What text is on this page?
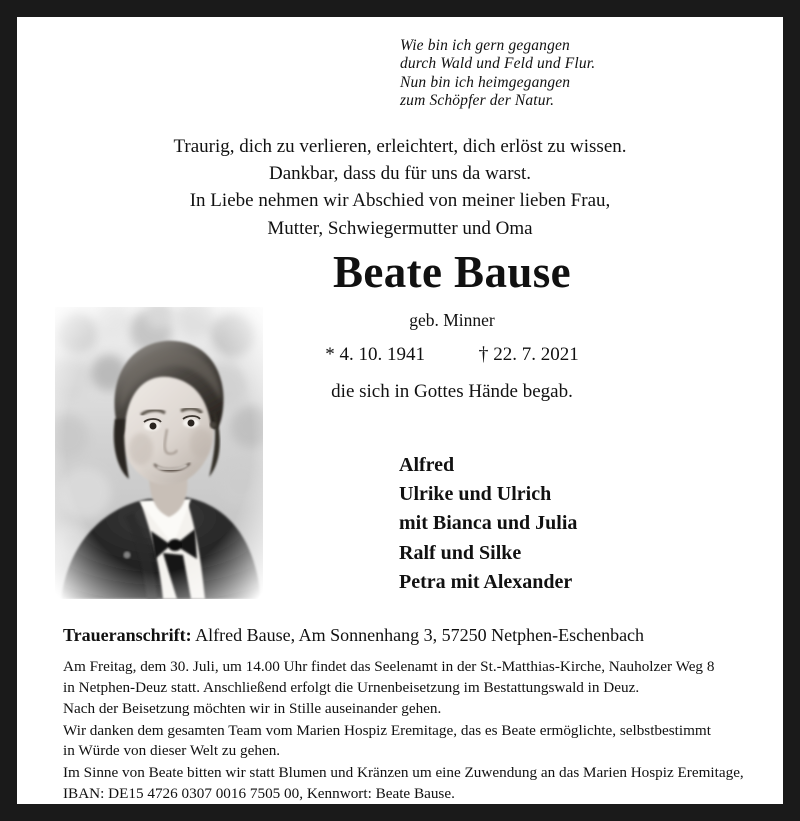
Wie bin ich gern gegangen
durch Wald und Feld und Flur.
Nun bin ich heimgegangen
zum Schöpfer der Natur.
Traurig, dich zu verlieren, erleichtert, dich erlöst zu wissen.
Dankbar, dass du für uns da warst.
In Liebe nehmen wir Abschied von meiner lieben Frau,
Mutter, Schwiegermutter und Oma
Beate Bause
geb. Minner
* 4. 10. 1941	† 22. 7. 2021
die sich in Gottes Hände begab.
Alfred
Ulrike und Ulrich
mit Bianca und Julia
Ralf und Silke
Petra mit Alexander
Traueranschrift: Alfred Bause, Am Sonnenhang 3, 57250 Netphen-Eschenbach

Am Freitag, dem 30. Juli, um 14.00 Uhr findet das Seelenamt in der St.-Matthias-Kirche, Nauholzer Weg 8
in Netphen-Deuz statt. Anschließend erfolgt die Urnenbeisetzung im Bestattungswald in Deuz.

Nach der Beisetzung möchten wir in Stille auseinander gehen.

Wir danken dem gesamten Team vom Marien Hospiz Eremitage, das es Beate ermöglichte, selbstbestimmt
in Würde von dieser Welt zu gehen.

Im Sinne von Beate bitten wir statt Blumen und Kränzen um eine Zuwendung an das Marien Hospiz Eremitage,
IBAN: DE15 4726 0307 0016 7505 00, Kennwort: Beate Bause.
